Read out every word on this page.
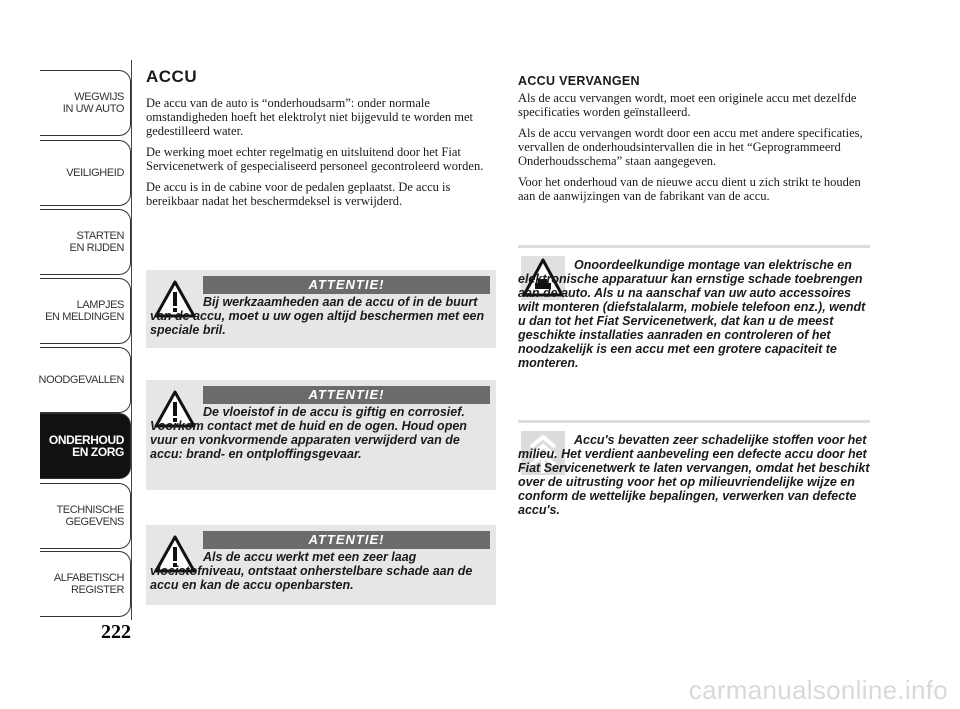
WEGWIJS
IN UW AUTO
VEILIGHEID
STARTEN
EN RIJDEN
LAMPJES
EN MELDINGEN
NOODGEVALLEN
ONDERHOUD
EN ZORG
TECHNISCHE
GEGEVENS
ALFABETISCH
REGISTER
222
ACCU

De accu van de auto is “onderhoudsarm”: onder normale omstandigheden hoeft het elektrolyt niet bijgevuld te worden met gedestilleerd water.

De werking moet echter regelmatig en uitsluitend door het Fiat Servicenetwerk of gespecialiseerd personeel gecontroleerd worden.

De accu is in de cabine voor de pedalen geplaatst. De accu is bereikbaar nadat het beschermdeksel is verwijderd.

ATTENTIE!
Bij werkzaamheden aan de accu of in de buurt van de accu, moet u uw ogen altijd beschermen met een speciale bril.
ATTENTIE!
De vloeistof in de accu is giftig en corrosief. Voorkom contact met de huid en de ogen. Houd open vuur en vonkvormende apparaten verwijderd van de accu: brand- en ontploffingsgevaar.
ATTENTIE!
Als de accu werkt met een zeer laag vloeistofniveau, ontstaat onherstelbare schade aan de accu en kan de accu openbarsten.
ACCU VERVANGEN

Als de accu vervangen wordt, moet een originele accu met dezelfde specificaties worden geïnstalleerd.

Als de accu vervangen wordt door een accu met andere specificaties, vervallen de onderhoudsintervallen die in het “Geprogrammeerd Onderhoudsschema” staan aangegeven.

Voor het onderhoud van de nieuwe accu dient u zich strikt te houden aan de aanwijzingen van de fabrikant van de accu.

Onoordeelkundige montage van elektrische en elektronische apparatuur kan ernstige schade toebrengen aan de auto. Als u na aanschaf van uw auto accessoires wilt monteren (diefstalalarm, mobiele telefoon enz.), wendt u dan tot het Fiat Servicenetwerk, dat kan u de meest geschikte installaties aanraden en controleren of het noodzakelijk is een accu met een grotere capaciteit te monteren.
Accu's bevatten zeer schadelijke stoffen voor het milieu. Het verdient aanbeveling een defecte accu door het Fiat Servicenetwerk te laten vervangen, omdat het beschikt over de uitrusting voor het op milieuvriendelijke wijze en conform de wettelijke bepalingen, verwerken van defecte accu's.
carmanualsonline.info
